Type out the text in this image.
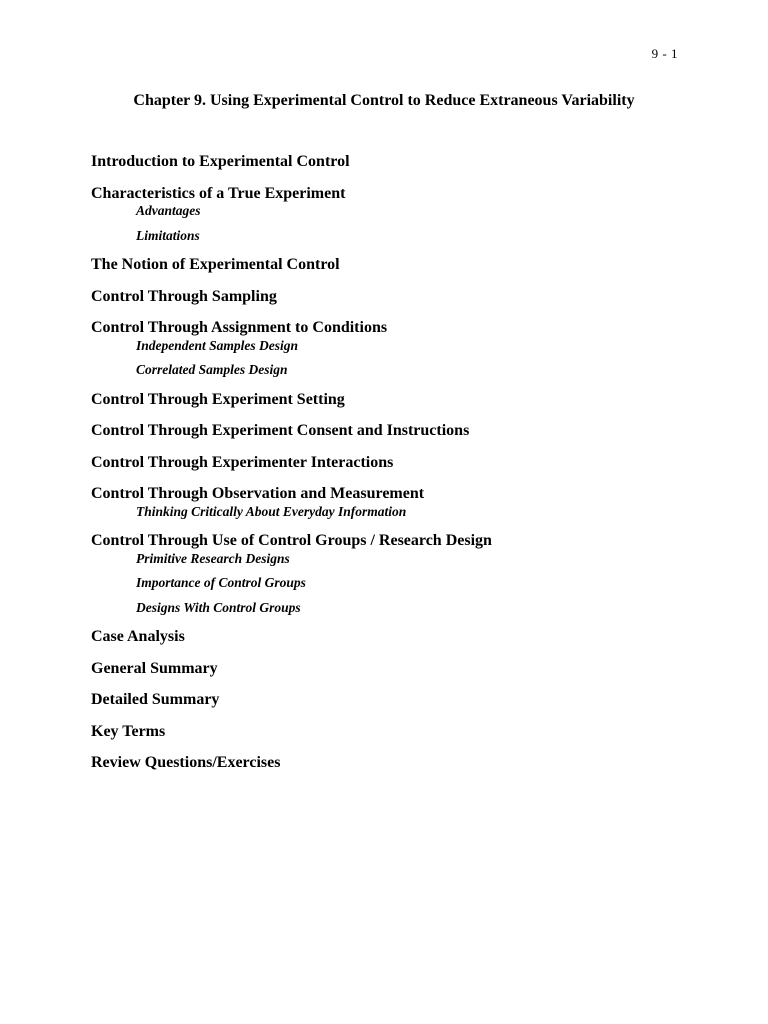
9 - 1
Chapter 9. Using Experimental Control to Reduce Extraneous Variability
Introduction to Experimental Control
Characteristics of a True Experiment
Advantages
Limitations
The Notion of Experimental Control
Control Through Sampling
Control Through Assignment to Conditions
Independent Samples Design
Correlated Samples Design
Control Through Experiment Setting
Control Through Experiment Consent and Instructions
Control Through Experimenter Interactions
Control Through Observation and Measurement
Thinking Critically About Everyday Information
Control Through Use of Control Groups / Research Design
Primitive Research Designs
Importance of Control Groups
Designs With Control Groups
Case Analysis
General Summary
Detailed Summary
Key Terms
Review Questions/Exercises
